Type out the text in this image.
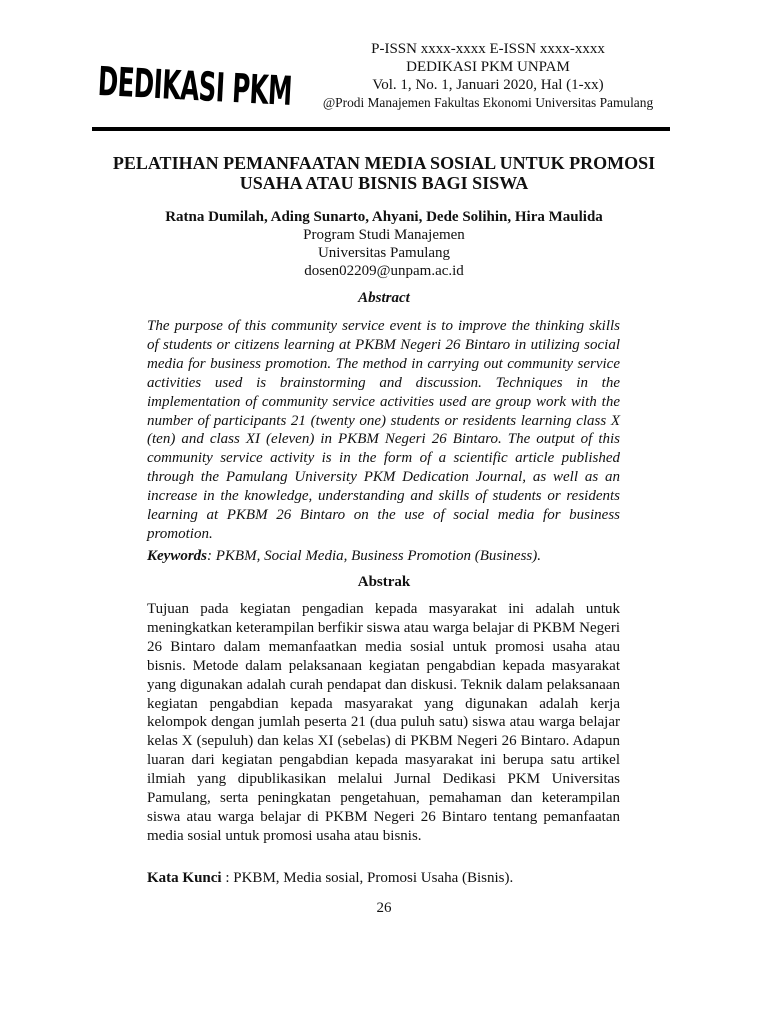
DEDIKASI PKM
P-ISSN xxxx-xxxx E-ISSN xxxx-xxxx
DEDIKASI PKM UNPAM
Vol. 1, No. 1, Januari 2020, Hal (1-xx)
@Prodi Manajemen Fakultas Ekonomi Universitas Pamulang
PELATIHAN PEMANFAATAN MEDIA SOSIAL UNTUK PROMOSI
USAHA ATAU BISNIS BAGI SISWA
Ratna Dumilah, Ading Sunarto, Ahyani, Dede Solihin, Hira Maulida
Program Studi Manajemen
Universitas Pamulang
dosen02209@unpam.ac.id
Abstract

The purpose of this community service event is to improve the thinking skills of students or citizens learning at PKBM Negeri 26 Bintaro in utilizing social media for business promotion. The method in carrying out community service activities used is brainstorming and discussion. Techniques in the implementation of community service activities used are group work with the number of participants 21 (twenty one) students or residents learning class X (ten) and class XI (eleven) in PKBM Negeri 26 Bintaro. The output of this community service activity is in the form of a scientific article published through the Pamulang University PKM Dedication Journal, as well as an increase in the knowledge, understanding and skills of students or residents learning at PKBM 26 Bintaro on the use of social media for business promotion.

Keywords: PKBM, Social Media, Business Promotion (Business).

Abstrak

Tujuan pada kegiatan pengadian kepada masyarakat ini adalah untuk meningkatkan keterampilan berfikir siswa atau warga belajar di PKBM Negeri 26 Bintaro dalam memanfaatkan media sosial untuk promosi usaha atau bisnis. Metode dalam pelaksanaan kegiatan pengabdian kepada masyarakat yang digunakan adalah curah pendapat dan diskusi. Teknik dalam pelaksanaan kegiatan pengabdian kepada masyarakat yang digunakan adalah kerja kelompok dengan jumlah peserta 21 (dua puluh satu) siswa atau warga belajar kelas X (sepuluh) dan kelas XI (sebelas) di PKBM Negeri 26 Bintaro. Adapun luaran dari kegiatan pengabdian kepada masyarakat ini berupa satu artikel ilmiah yang dipublikasikan melalui Jurnal Dedikasi PKM Universitas Pamulang, serta peningkatan pengetahuan, pemahaman dan keterampilan siswa atau warga belajar di PKBM Negeri 26 Bintaro tentang pemanfaatan media sosial untuk promosi usaha atau bisnis.

Kata Kunci : PKBM, Media sosial, Promosi Usaha (Bisnis).

26
